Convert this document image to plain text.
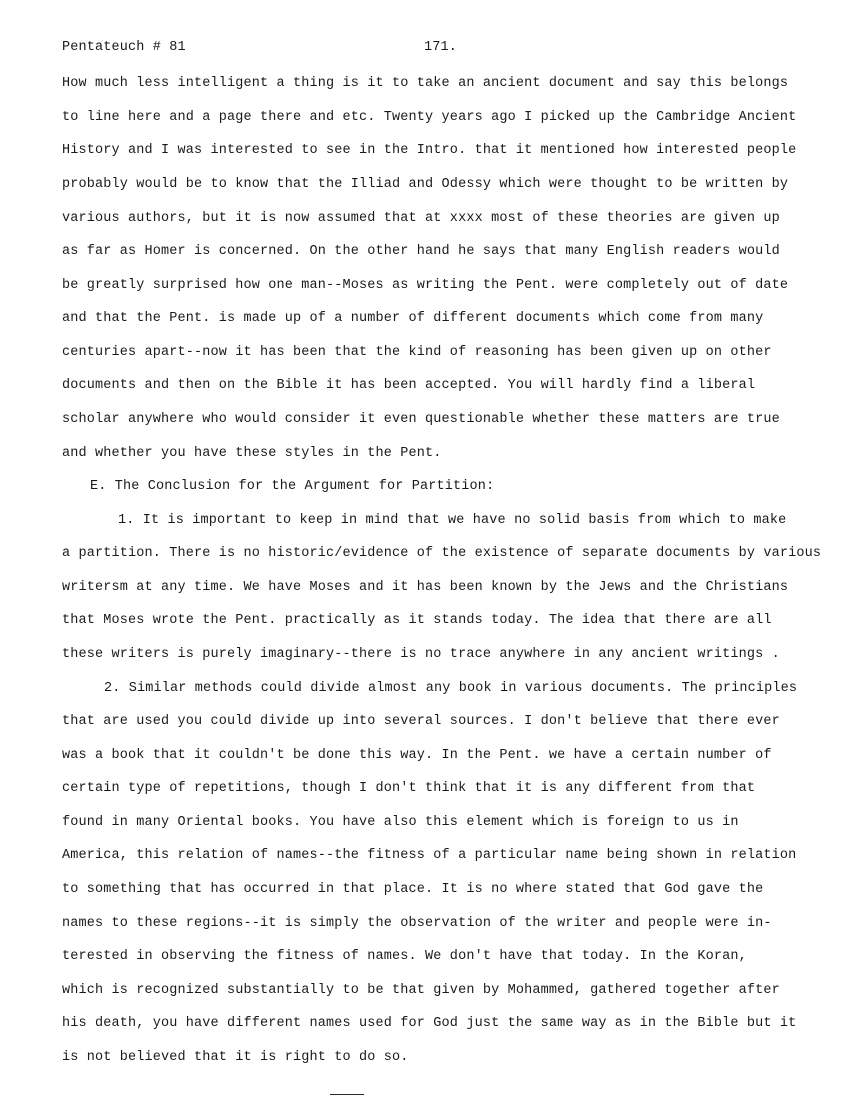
Pentateuch # 81	171.
How much less intelligent a thing is it to take an ancient document and say this belongs
to line here and a page there and etc. Twenty years ago I picked up the Cambridge Ancient
History and I was interested to see in the Intro. that it mentioned how interested people
probably would be to know that the Illiad and Odessy which were thought to be written by
various authors, but it is now assumed that at xxxx most of these theories are given up
as far as Homer is concerned. On the other hand he says that many English readers would
be greatly surprised how one man--Moses as writing the Pent. were completely out of date
and that the Pent. is made up of a number of different documents which come from many
centuries apart--now it has been that the kind of reasoning has been given up on other
documents and then on the Bible it has been accepted. You will hardly find a liberal
scholar anywhere who would consider it even questionable whether these matters are true
and whether you have these styles in the Pent.
E. The Conclusion for the Argument for Partition:
1. It is important to keep in mind that we have no solid basis from which to make
a partition. There is no historic/evidence of the existence of separate documents by various
writersm at any time. We have Moses and it has been known by the Jews and the Christians
that Moses wrote the Pent. practically as it stands today. The idea that there are all
these writers is purely imaginary--there is no trace anywhere in any ancient writings .
2. Similar methods could divide almost any book in various documents. The principles
that are used you could divide up into several sources. I don't believe that there ever
was a book that it couldn't be done this way. In the Pent. we have a certain number of
certain type of repetitions, though I don't think that it is any different from that
found in many Oriental books. You have also this element which is foreign to us in
America, this relation of names--the fitness of a particular name being shown in relation
to something that has occurred in that place. It is no where stated that God gave the
names to these regions--it is simply the observation of the writer and people were in-
terested in observing the fitness of names. We don't have that today. In the Koran,
which is recognized substantially to be that given by Mohammed, gathered together after
his death, you have different names used for God just the same way as in the Bible but it
is not believed that it is right to do so.
